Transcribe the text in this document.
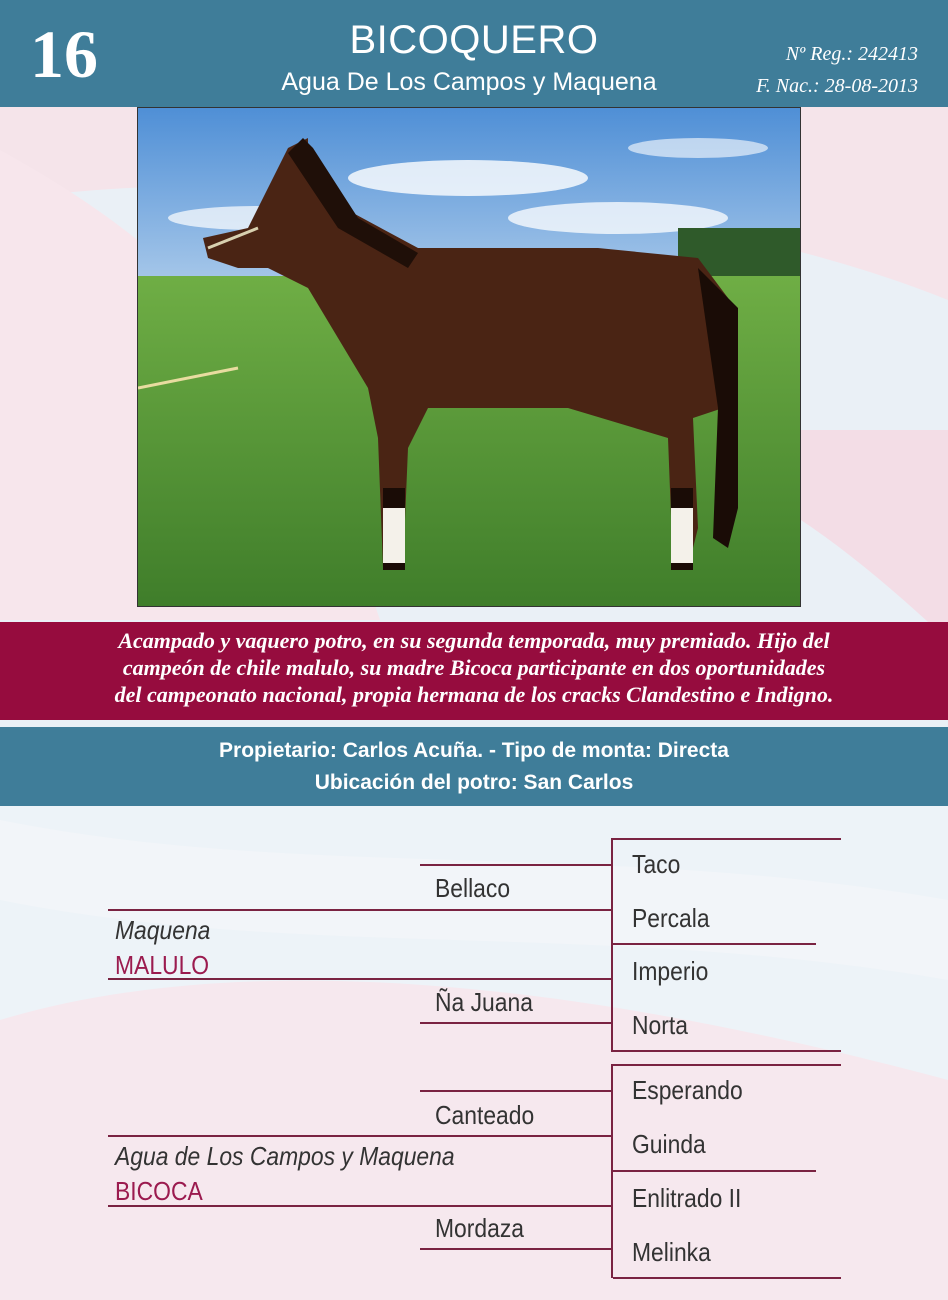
16	BICOQUERO
Agua De Los Campos y Maquena
Nº Reg.: 242413
F. Nac.: 28-08-2013
Acampado y vaquero potro, en su segunda temporada, muy premiado. Hijo del
campeón de chile malulo, su madre Bicoca participante en dos oportunidades
del campeonato nacional, propia hermana de los cracks Clandestino e Indigno.
Propietario: Carlos Acuña. - Tipo de monta: Directa
Ubicación del potro: San Carlos
Maquena
MALULO
Bellaco
Ña Juana
Taco
Percala
Imperio
Norta
Agua de Los Campos y Maquena
BICOCA
Canteado
Mordaza
Esperando
Guinda
Enlitrado II
Melinka
